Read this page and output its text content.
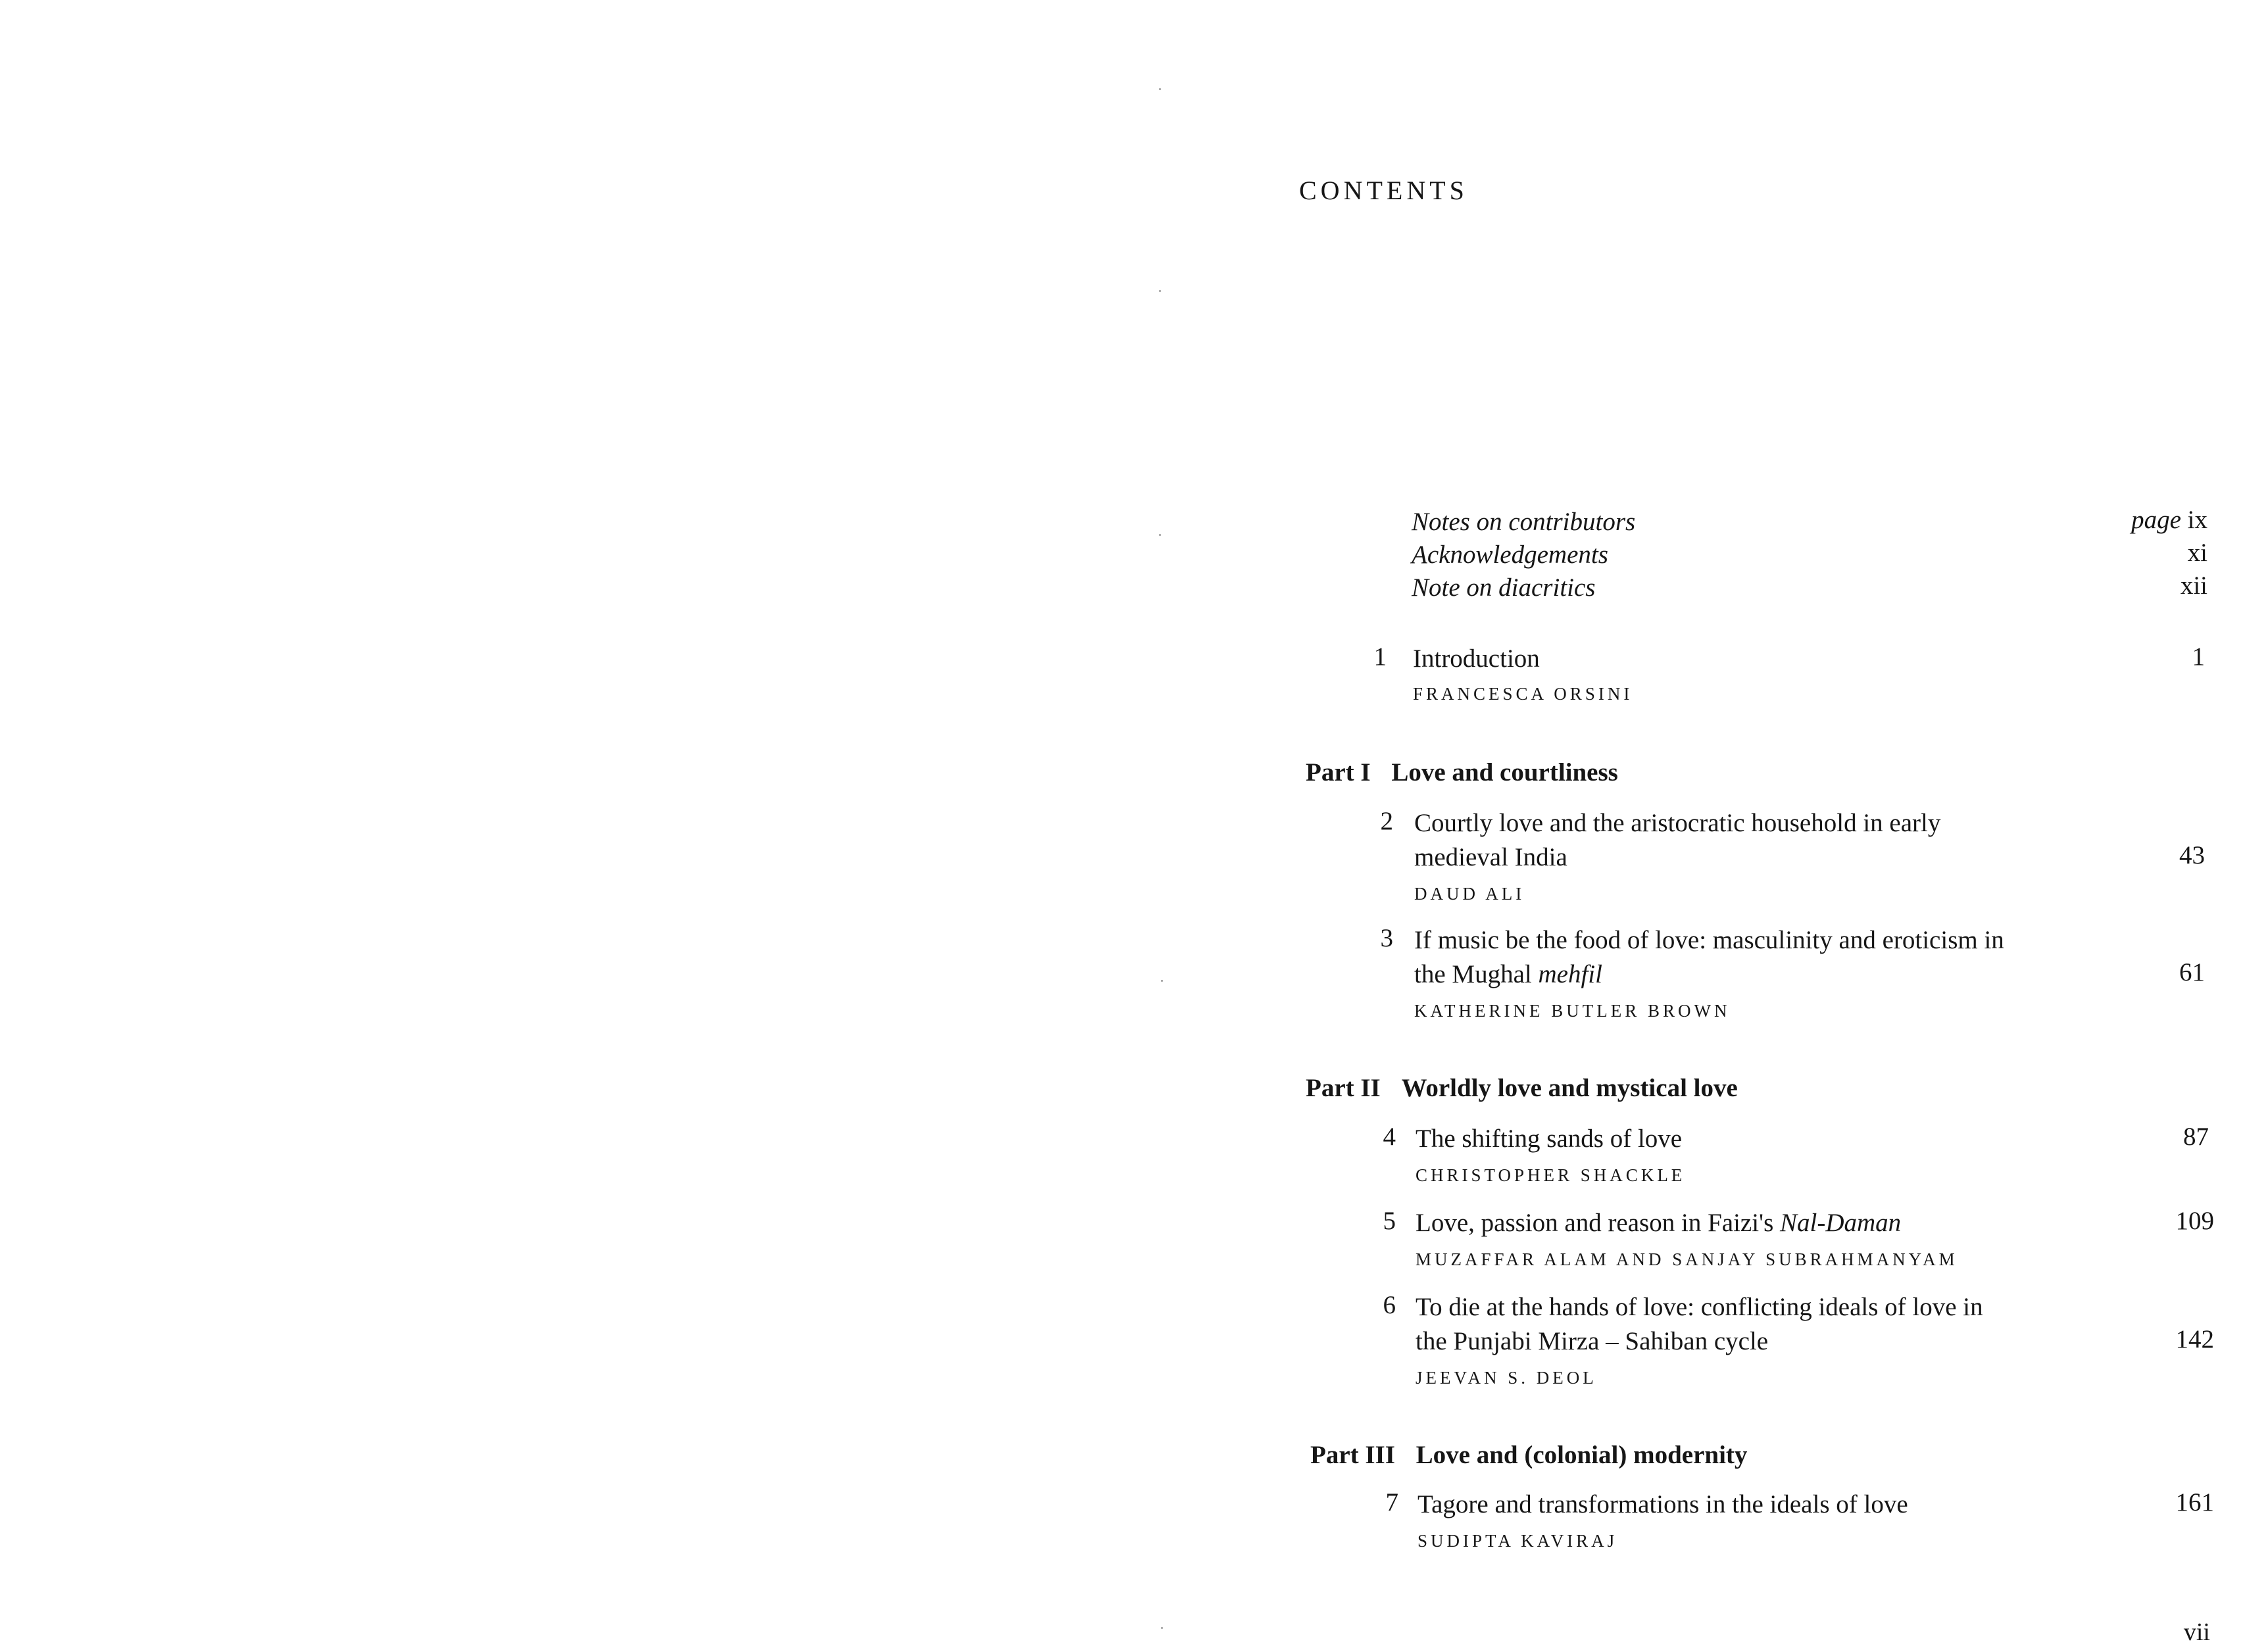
CONTENTS
Notes on contributors	page ix
Acknowledgements	xi
Note on diacritics	xii
1 Introduction	1
FRANCESCA ORSINI
Part I Love and courtliness
2 Courtly love and the aristocratic household in early
medieval India	43
DAUD ALI
3 If music be the food of love: masculinity and eroticism in
the Mughal mehfil	61
KATHERINE BUTLER BROWN
Part II Worldly love and mystical love
4 The shifting sands of love	87
CHRISTOPHER SHACKLE
5 Love, passion and reason in Faizi's Nal-Daman	109
MUZAFFAR ALAM AND SANJAY SUBRAHMANYAM
6 To die at the hands of love: conflicting ideals of love in
the Punjabi Mirza – Sahiban cycle	142
JEEVAN S. DEOL
Part III Love and (colonial) modernity
7 Tagore and transformations in the ideals of love	161
SUDIPTA KAVIRAJ
vii
